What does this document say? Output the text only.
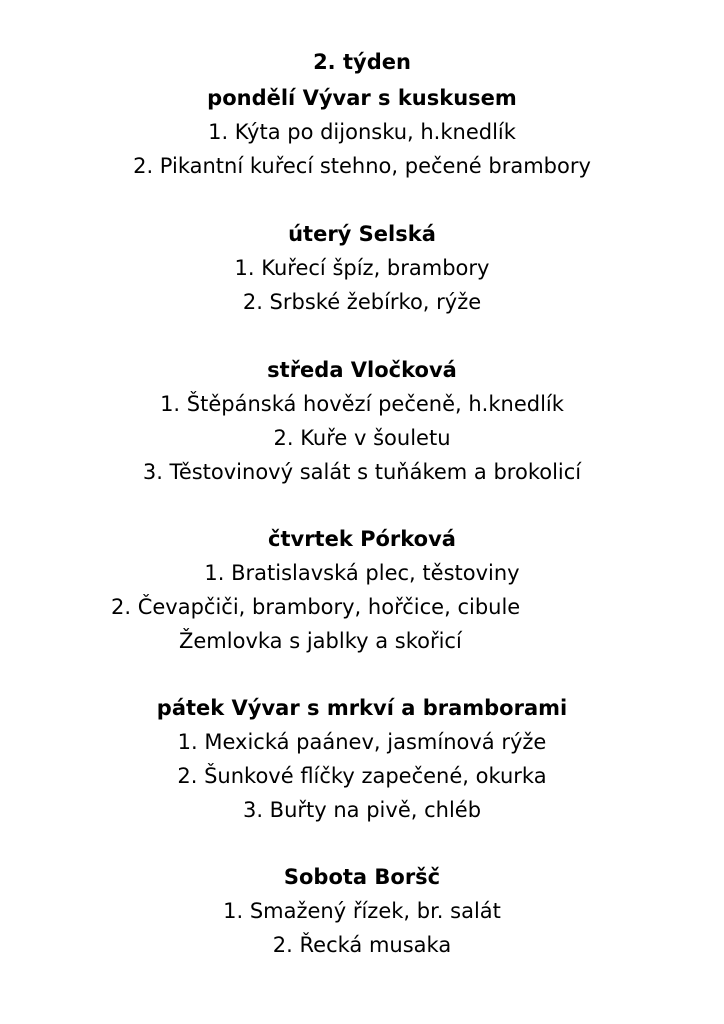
2. týden
pondělí Vývar s kuskusem
1. Kýta po dijonsku, h.knedlík
2. Pikantní kuřecí stehno, pečené brambory
úterý Selská
1. Kuřecí špíz, brambory
2. Srbské žebírko, rýže
středa Vločková
1. Štěpánská hovězí pečeně, h.knedlík
2. Kuře v šouletu
3. Těstovinový salát s tuňákem a brokolicí
čtvrtek Pórková
1. Bratislavská plec, těstoviny
2. Čevapčiči, brambory, hořčice, cibule
Žemlovka s jablky a skořicí
pátek Vývar s mrkví a bramborami
1. Mexická paánev, jasmínová rýže
2. Šunkové flíčky zapečené, okurka
3. Buřty na pivě, chléb
Sobota Boršč
1. Smažený řízek, br. salát
2. Řecká musaka
